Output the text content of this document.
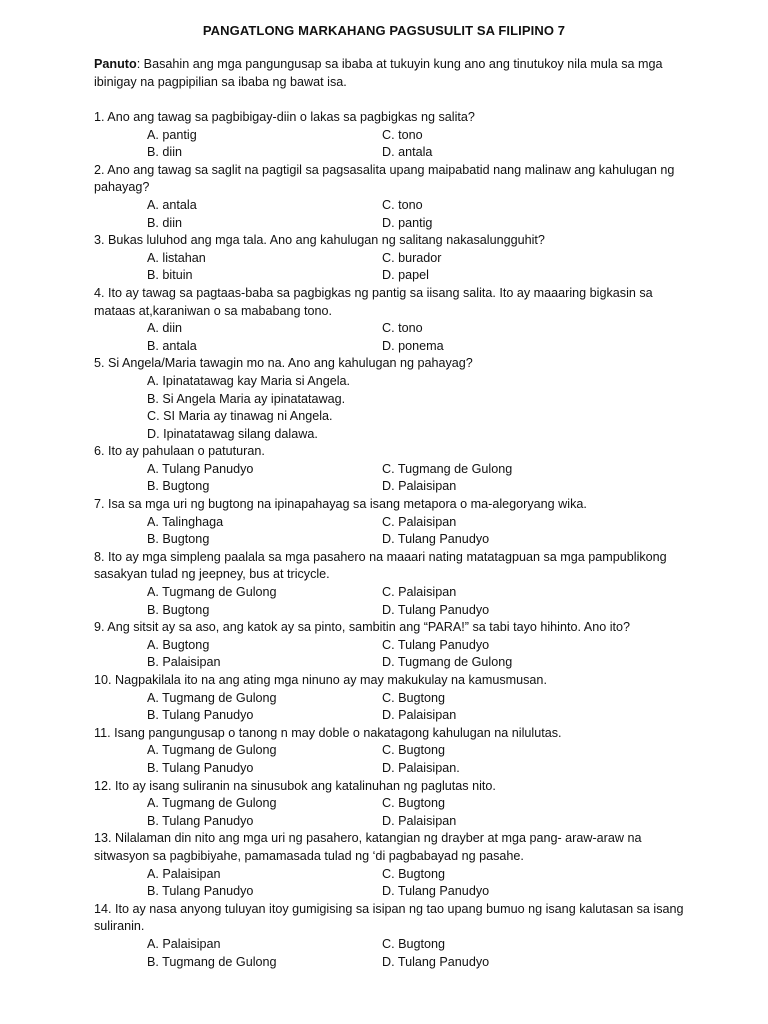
PANGATLONG MARKAHANG PAGSUSULIT SA FILIPINO 7
Panuto: Basahin ang mga pangungusap sa ibaba at tukuyin kung ano ang tinutukoy nila mula sa mga ibinigay na pagpipilian sa ibaba ng bawat isa.
1. Ano ang tawag sa pagbibigay-diin o lakas sa pagbigkas ng salita?
A. pantig	C. tono
B. diin	D. antala
2. Ano ang tawag sa saglit na pagtigil sa pagsasalita upang maipabatid nang malinaw ang kahulugan ng pahayag?
A. antala	C. tono
B. diin	D. pantig
3. Bukas luluhod ang mga tala. Ano ang kahulugan ng salitang nakasalungguhit?
A. listahan	C. burador
B. bituin	D. papel
4. Ito ay tawag sa pagtaas-baba sa pagbigkas ng pantig sa iisang salita. Ito ay maaaring bigkasin sa mataas at,karaniwan o sa mababang tono.
A. diin	C. tono
B. antala	D. ponema
5. Si Angela/Maria tawagin mo na. Ano ang kahulugan ng pahayag?
A. Ipinatatawag kay Maria si Angela.
B. Si Angela Maria ay ipinatatawag.
C. SI Maria ay tinawag ni Angela.
D. Ipinatatawag silang dalawa.
6. Ito ay pahulaan o patuturan.
A. Tulang Panudyo	C. Tugmang de Gulong
B. Bugtong	D. Palaisipan
7. Isa sa mga uri ng bugtong na ipinapahayag sa isang metapora o ma-alegoryang wika.
A. Talinghaga	C. Palaisipan
B. Bugtong	D. Tulang Panudyo
8. Ito ay mga simpleng paalala sa mga pasahero na maaari nating matatagpuan sa mga pampublikong sasakyan tulad ng jeepney, bus at tricycle.
A. Tugmang de Gulong	C. Palaisipan
B. Bugtong	D. Tulang Panudyo
9. Ang sitsit ay sa aso, ang katok ay sa pinto, sambitin ang “PARA!” sa tabi tayo hihinto. Ano ito?
A. Bugtong	C. Tulang Panudyo
B. Palaisipan	D. Tugmang de Gulong
10. Nagpakilala ito na ang ating mga ninuno ay may makukulay na kamusmusan.
A. Tugmang de Gulong	C. Bugtong
B. Tulang Panudyo	D. Palaisipan
11. Isang pangungusap o tanong n may doble o nakatagong kahulugan na nilulutas.
A. Tugmang de Gulong	C. Bugtong
B. Tulang Panudyo	D. Palaisipan.
12. Ito ay isang suliranin na sinusubok ang katalinuhan ng paglutas nito.
A. Tugmang de Gulong	C. Bugtong
B. Tulang Panudyo	D. Palaisipan
13. Nilalaman din nito ang mga uri ng pasahero, katangian ng drayber at mga pang- araw-araw na sitwasyon sa pagbibiyahe, pamamasada tulad ng ‘di pagbabayad ng pasahe.
A. Palaisipan	C. Bugtong
B. Tulang Panudyo	D. Tulang Panudyo
14. Ito ay nasa anyong tuluyan itoy gumigising sa isipan ng tao upang bumuo ng isang kalutasan sa isang suliranin.
A. Palaisipan	C. Bugtong
B. Tugmang de Gulong	D. Tulang Panudyo
